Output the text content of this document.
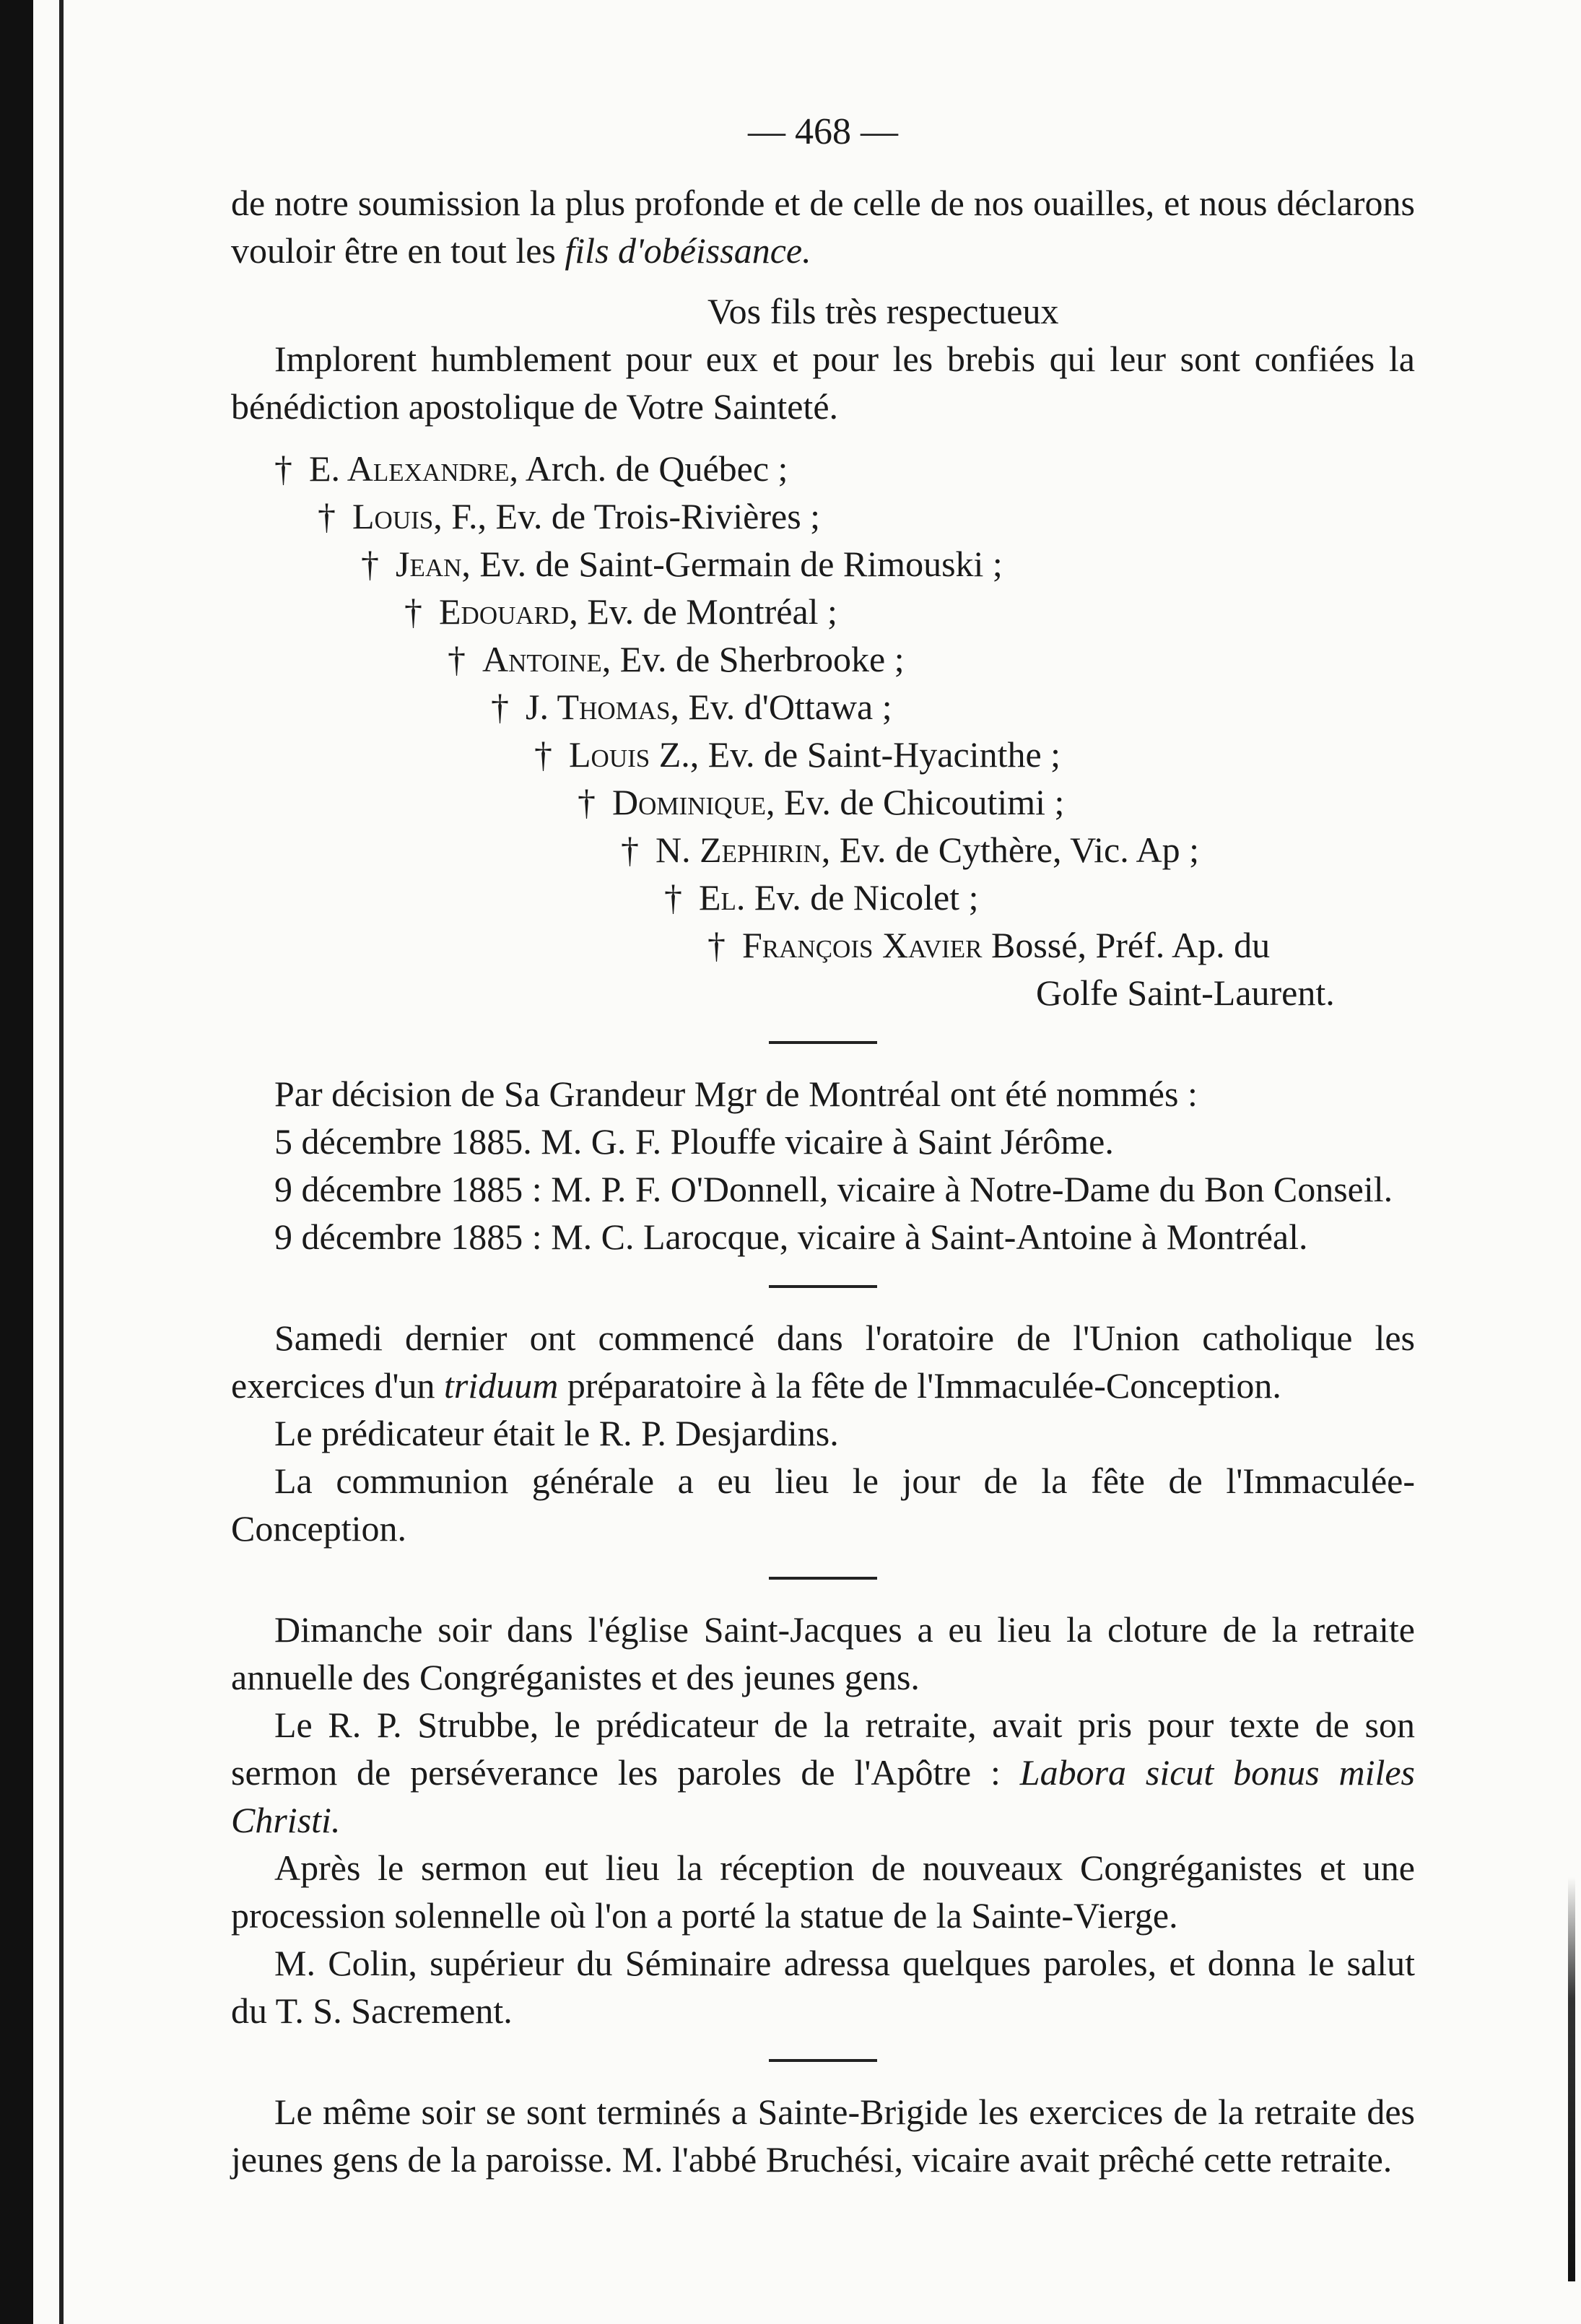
— 468 —

de notre soumission la plus profonde et de celle de nos ouailles, et nous déclarons vouloir être en tout les fils d'obéissance.

Vos fils très respectueux

Implorent humblement pour eux et pour les brebis qui leur sont confiées la bénédiction apostolique de Votre Sainteté.

† E. Alexandre, Arch. de Québec ;
† Louis, F., Ev. de Trois-Rivières ;
† Jean, Ev. de Saint-Germain de Rimouski ;
† Edouard, Ev. de Montréal ;
† Antoine, Ev. de Sherbrooke ;
† J. Thomas, Ev. d'Ottawa ;
† Louis Z., Ev. de Saint-Hyacinthe ;
† Dominique, Ev. de Chicoutimi ;
† N. Zephirin, Ev. de Cythère, Vic. Ap ;
† El. Ev. de Nicolet ;
† François Xavier Bossé, Préf. Ap. du
Golfe Saint-Laurent.

Par décision de Sa Grandeur Mgr de Montréal ont été nommés :

5 décembre 1885. M. G. F. Plouffe vicaire à Saint Jérôme.

9 décembre 1885 : M. P. F. O'Donnell, vicaire à Notre-Dame du Bon Conseil.

9 décembre 1885 : M. C. Larocque, vicaire à Saint-Antoine à Montréal.

Samedi dernier ont commencé dans l'oratoire de l'Union catholique les exercices d'un triduum préparatoire à la fête de l'Immaculée-Conception.

Le prédicateur était le R. P. Desjardins.

La communion générale a eu lieu le jour de la fête de l'Immaculée-Conception.

Dimanche soir dans l'église Saint-Jacques a eu lieu la cloture de la retraite annuelle des Congréganistes et des jeunes gens.

Le R. P. Strubbe, le prédicateur de la retraite, avait pris pour texte de son sermon de perséverance les paroles de l'Apôtre : Labora sicut bonus miles Christi.

Après le sermon eut lieu la réception de nouveaux Congréganistes et une procession solennelle où l'on a porté la statue de la Sainte-Vierge.

M. Colin, supérieur du Séminaire adressa quelques paroles, et donna le salut du T. S. Sacrement.

Le même soir se sont terminés a Sainte-Brigide les exercices de la retraite des jeunes gens de la paroisse. M. l'abbé Bruchési, vicaire avait prêché cette retraite.
